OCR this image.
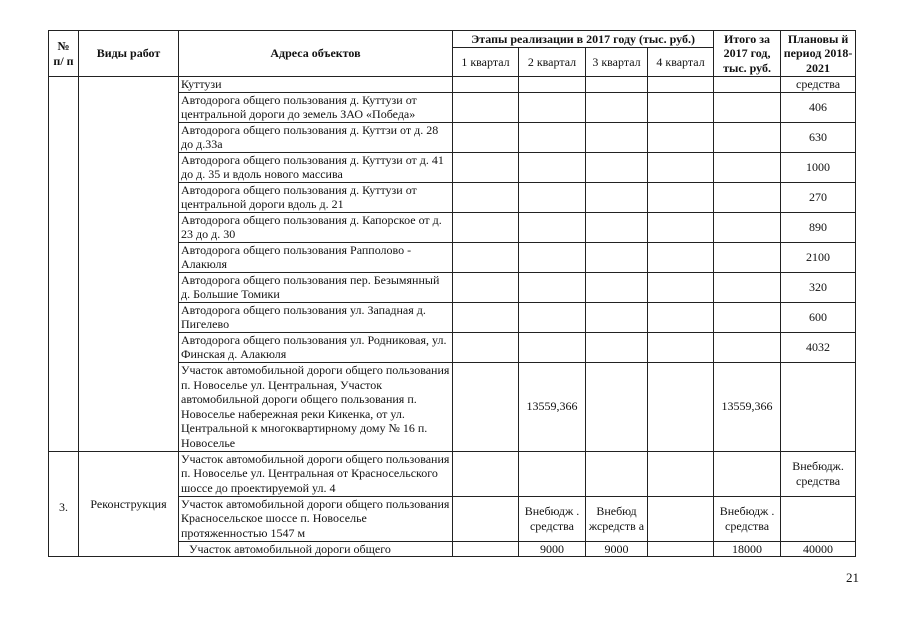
№ п/ п	Виды работ	Адреса объектов	Этапы реализации в 2017 году (тыс. руб.)				Итого за 2017 год, тыс. руб.	Плановы й период 2018-2021
			1 квартал	2 квартал	3 квартал	4 квартал		
		Куттузи						средства
		Автодорога общего пользования д. Куттузи от центральной дороги до земель ЗАО «Победа»						406
		Автодорога общего пользования д. Куттзи от д. 28 до д.33а						630
		Автодорога общего пользования д. Куттузи от д. 41 до д. 35 и вдоль нового массива						1000
		Автодорога общего пользования д. Куттузи от центральной дороги вдоль д. 21						270
		Автодорога общего пользования д. Капорское от д. 23 до д. 30						890
		Автодорога общего пользования Рапполово - Алакюля						2100
		Автодорога общего пользования пер. Безымянный д. Большие Томики						320
		Автодорога общего пользования ул. Западная д. Пигелево						600
		Автодорога общего пользования ул. Родниковая, ул. Финская д. Алакюля						4032
		Участок автомобильной дороги общего пользования п. Новоселье ул. Центральная, Участок автомобильной дороги общего пользования п. Новоселье набережная реки Кикенка, от ул. Центральной к многоквартирному дому № 16 п. Новоселье		13559,366			13559,366	
3.	Реконструкция	Участок автомобильной дороги общего пользования п. Новоселье ул. Центральная от Красносельского шоссе до проектируемой ул. 4						Внебюдж. средства
		Участок автомобильной дороги общего пользования Красносельское шоссе п. Новоселье протяженностью 1547 м		Внебюдж . средства	Внебюд жсредств а		Внебюдж . средства	
		Участок автомобильной дороги общего		9000	9000		18000	40000
21
